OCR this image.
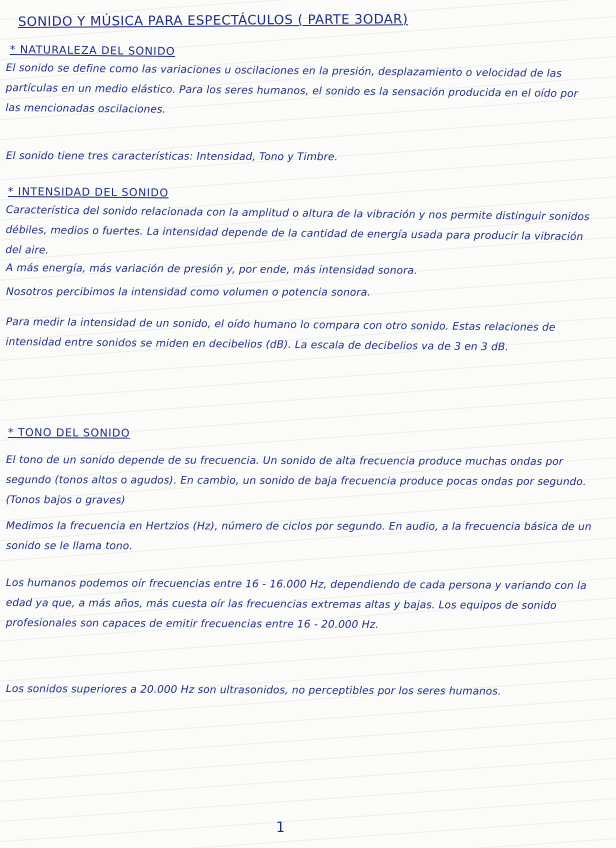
SONIDO Y MÚSICA PARA ESPECTÁCULOS ( PARTE 3ODAR)
* NATURALEZA DEL SONIDO
El sonido se define como las variaciones u oscilaciones en la presión, desplazamiento o velocidad de las partículas en un medio elástico. Para los seres humanos, el sonido es la sensación producida en el oído por las mencionadas oscilaciones.
El sonido tiene tres características: Intensidad, Tono y Timbre.
* INTENSIDAD DEL SONIDO
Característica del sonido relacionada con la amplitud o altura de la vibración y nos permite distinguir sonidos débiles, medios o fuertes. La intensidad depende de la cantidad de energía usada para producir la vibración del aire.
A más energía, más variación de presión y, por ende, más intensidad sonora.
Nosotros percibimos la intensidad como volumen o potencia sonora.
Para medir la intensidad de un sonido, el oído humano lo compara con otro sonido. Estas relaciones de intensidad entre sonidos se miden en decibelios (dB). La escala de decibelios va de 3 en 3 dB.
* TONO DEL SONIDO
El tono de un sonido depende de su frecuencia. Un sonido de alta frecuencia produce muchas ondas por segundo (tonos altos o agudos). En cambio, un sonido de baja frecuencia produce pocas ondas por segundo. (Tonos bajos o graves)
Medimos la frecuencia en Hertzios (Hz), número de ciclos por segundo. En audio, a la frecuencia básica de un sonido se le llama tono.
Los humanos podemos oír frecuencias entre 16 - 16.000 Hz, dependiendo de cada persona y variando con la edad ya que, a más años, más cuesta oír las frecuencias extremas altas y bajas. Los equipos de sonido profesionales son capaces de emitir frecuencias entre 16 - 20.000 Hz.
Los sonidos superiores a 20.000 Hz son ultrasonidos, no perceptibles por los seres humanos.
1
